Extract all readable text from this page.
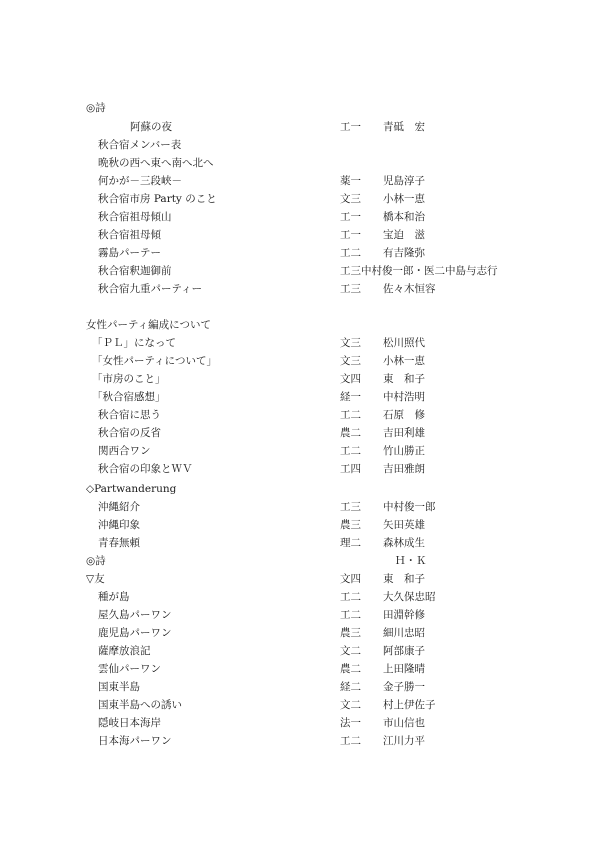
◎詩
阿蘇の夜	工一 青砥　宏
秋合宿メンバー表
晩秋の西へ東へ南へ北へ
何かが－三段峡－	薬一 児島淳子
秋合宿市房 Party のこと	文三 小林一恵
秋合宿祖母傾山	工一 橋本和治
秋合宿祖母傾	工一 宝迫　滋
霧島パーテー	工二 有吉隆弥
秋合宿釈迦御前	工三中村俊一郎・医二中島与志行
秋合宿九重パーティー	工三 佐々木恒容
女性パーティ編成について
「ＰＬ」になって	文三 松川照代
「女性パーティについて」	文三 小林一恵
「市房のこと」	文四 東　和子
「秋合宿感想」	経一 中村浩明
秋合宿に思う	工二 石原　修
秋合宿の反省	農二 吉田利雄
関西合ワン	工二 竹山勝正
秋合宿の印象とＷＶ	工四 吉田雅朗
◇Partwanderung
沖縄紹介	工三 中村俊一郎
沖縄印象	農三 矢田英雄
青春無頼	理二 森林成生
◎詩	Ｈ・Ｋ
▽友	文四 東　和子
種が島	工二 大久保忠昭
屋久島パーワン	工二 田淵幹修
鹿児島パーワン	農三 細川忠昭
薩摩放浪記	文二 阿部康子
雲仙パーワン	農二 上田隆晴
国東半島	経二 金子勝一
国東半島への誘い	文二 村上伊佐子
隠岐日本海岸	法一 市山信也
日本海パーワン	工二 江川力平
